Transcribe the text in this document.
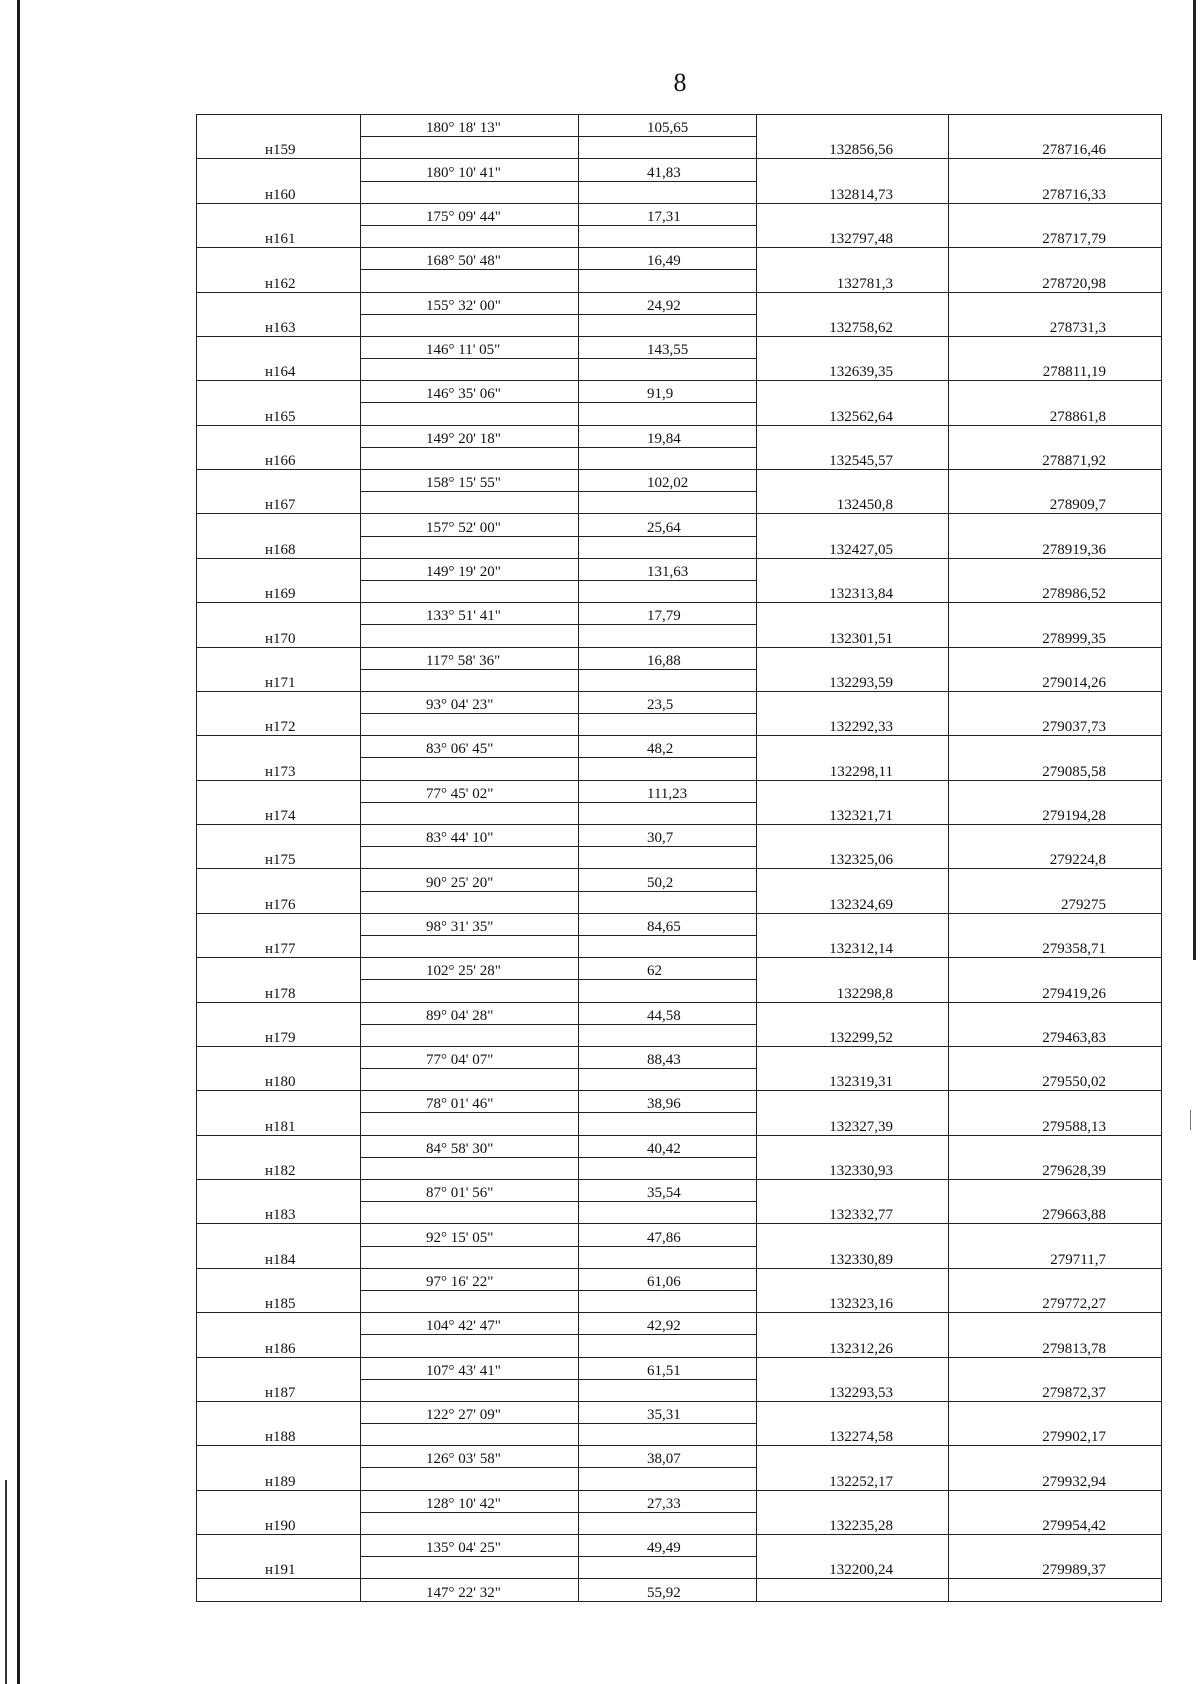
8
	180° 18' 13"	105,65		
н159			132856,56	278716,46
	180° 10' 41"	41,83		
н160			132814,73	278716,33
	175° 09' 44"	17,31		
н161			132797,48	278717,79
	168° 50' 48"	16,49		
н162			132781,3	278720,98
	155° 32' 00"	24,92		
н163			132758,62	278731,3
	146° 11' 05"	143,55		
н164			132639,35	278811,19
	146° 35' 06"	91,9		
н165			132562,64	278861,8
	149° 20' 18"	19,84		
н166			132545,57	278871,92
	158° 15' 55"	102,02		
н167			132450,8	278909,7
	157° 52' 00"	25,64		
н168			132427,05	278919,36
	149° 19' 20"	131,63		
н169			132313,84	278986,52
	133° 51' 41"	17,79		
н170			132301,51	278999,35
	117° 58' 36"	16,88		
н171			132293,59	279014,26
	93° 04' 23"	23,5		
н172			132292,33	279037,73
	83° 06' 45"	48,2		
н173			132298,11	279085,58
	77° 45' 02"	111,23		
н174			132321,71	279194,28
	83° 44' 10"	30,7		
н175			132325,06	279224,8
	90° 25' 20"	50,2		
н176			132324,69	279275
	98° 31' 35"	84,65		
н177			132312,14	279358,71
	102° 25' 28"	62		
н178			132298,8	279419,26
	89° 04' 28"	44,58		
н179			132299,52	279463,83
	77° 04' 07"	88,43		
н180			132319,31	279550,02
	78° 01' 46"	38,96		
н181			132327,39	279588,13
	84° 58' 30"	40,42		
н182			132330,93	279628,39
	87° 01' 56"	35,54		
н183			132332,77	279663,88
	92° 15' 05"	47,86		
н184			132330,89	279711,7
	97° 16' 22"	61,06		
н185			132323,16	279772,27
	104° 42' 47"	42,92		
н186			132312,26	279813,78
	107° 43' 41"	61,51		
н187			132293,53	279872,37
	122° 27' 09"	35,31		
н188			132274,58	279902,17
	126° 03' 58"	38,07		
н189			132252,17	279932,94
	128° 10' 42"	27,33		
н190			132235,28	279954,42
	135° 04' 25"	49,49		
н191			132200,24	279989,37
	147° 22' 32"	55,92		
